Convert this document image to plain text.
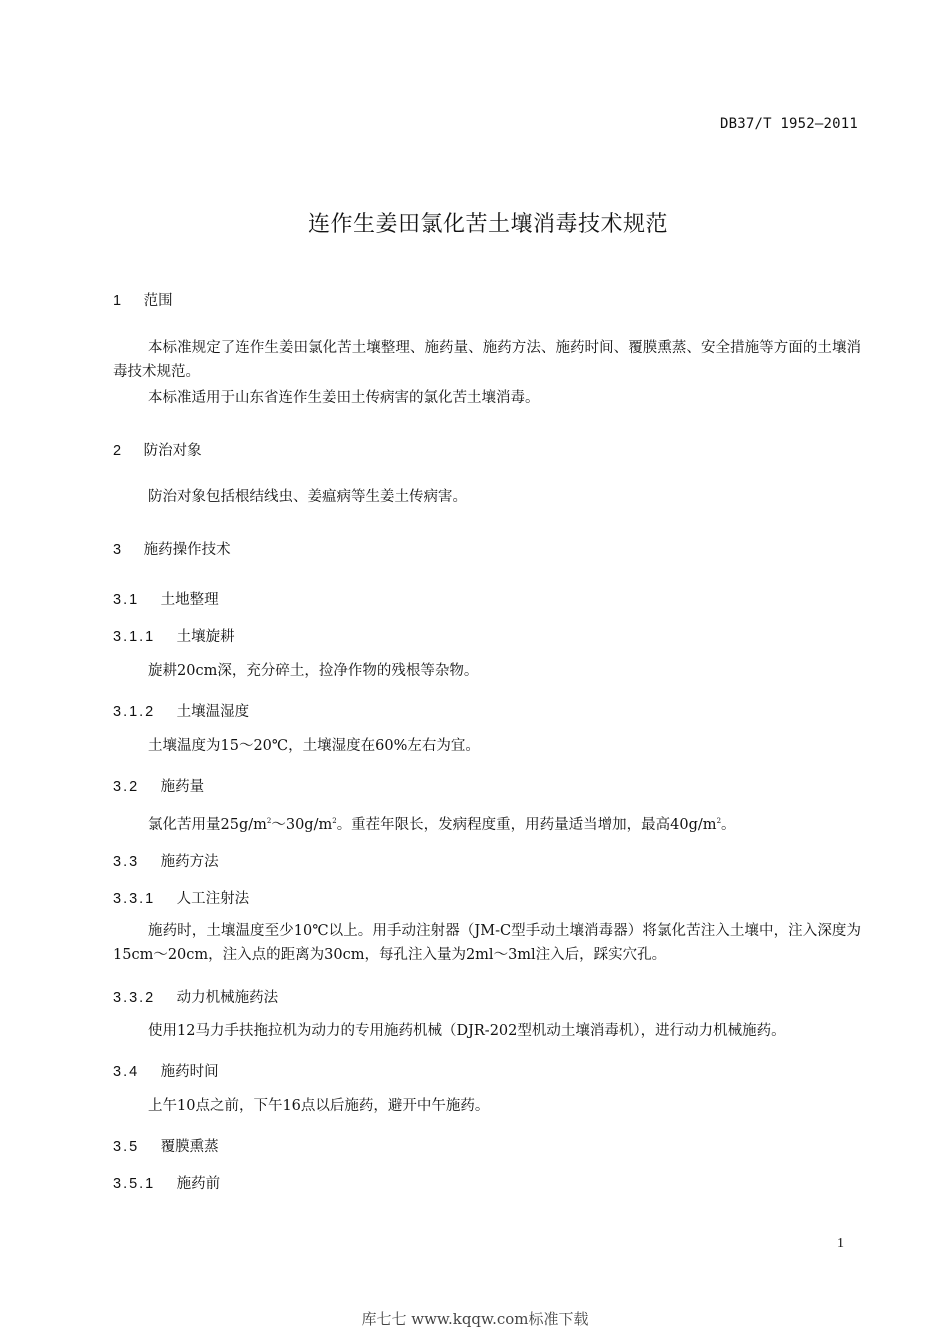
DB37/T 1952—2011
连作生姜田氯化苦土壤消毒技术规范
1 范围
本标准规定了连作生姜田氯化苦土壤整理、施药量、施药方法、施药时间、覆膜熏蒸、安全措施等方面的土壤消毒技术规范。
本标准适用于山东省连作生姜田土传病害的氯化苦土壤消毒。
2 防治对象
防治对象包括根结线虫、姜瘟病等生姜土传病害。
3 施药操作技术
3.1 土地整理
3.1.1 土壤旋耕
旋耕20cm深，充分碎土，捡净作物的残根等杂物。
3.1.2 土壤温湿度
土壤温度为15～20℃，土壤湿度在60%左右为宜。
3.2 施药量
氯化苦用量$25g/m^2\sim 30g/m^2$。重茬年限长，发病程度重，用药量适当增加，最高$40g/m^2$。
3.3 施药方法
3.3.1 人工注射法
施药时，土壤温度至少10℃以上。用手动注射器（JM-C型手动土壤消毒器）将氯化苦注入土壤中，注入深度为15cm～20cm，注入点的距离为30cm，每孔注入量为2ml～3ml注入后，踩实穴孔。
3.3.2 动力机械施药法
使用12马力手扶拖拉机为动力的专用施药机械（DJR-202型机动土壤消毒机），进行动力机械施药。
3.4 施药时间
上午10点之前，下午16点以后施药，避开中午施药。
3.5 覆膜熏蒸
3.5.1 施药前
1
库七七 www.kqqw.com标准下载
